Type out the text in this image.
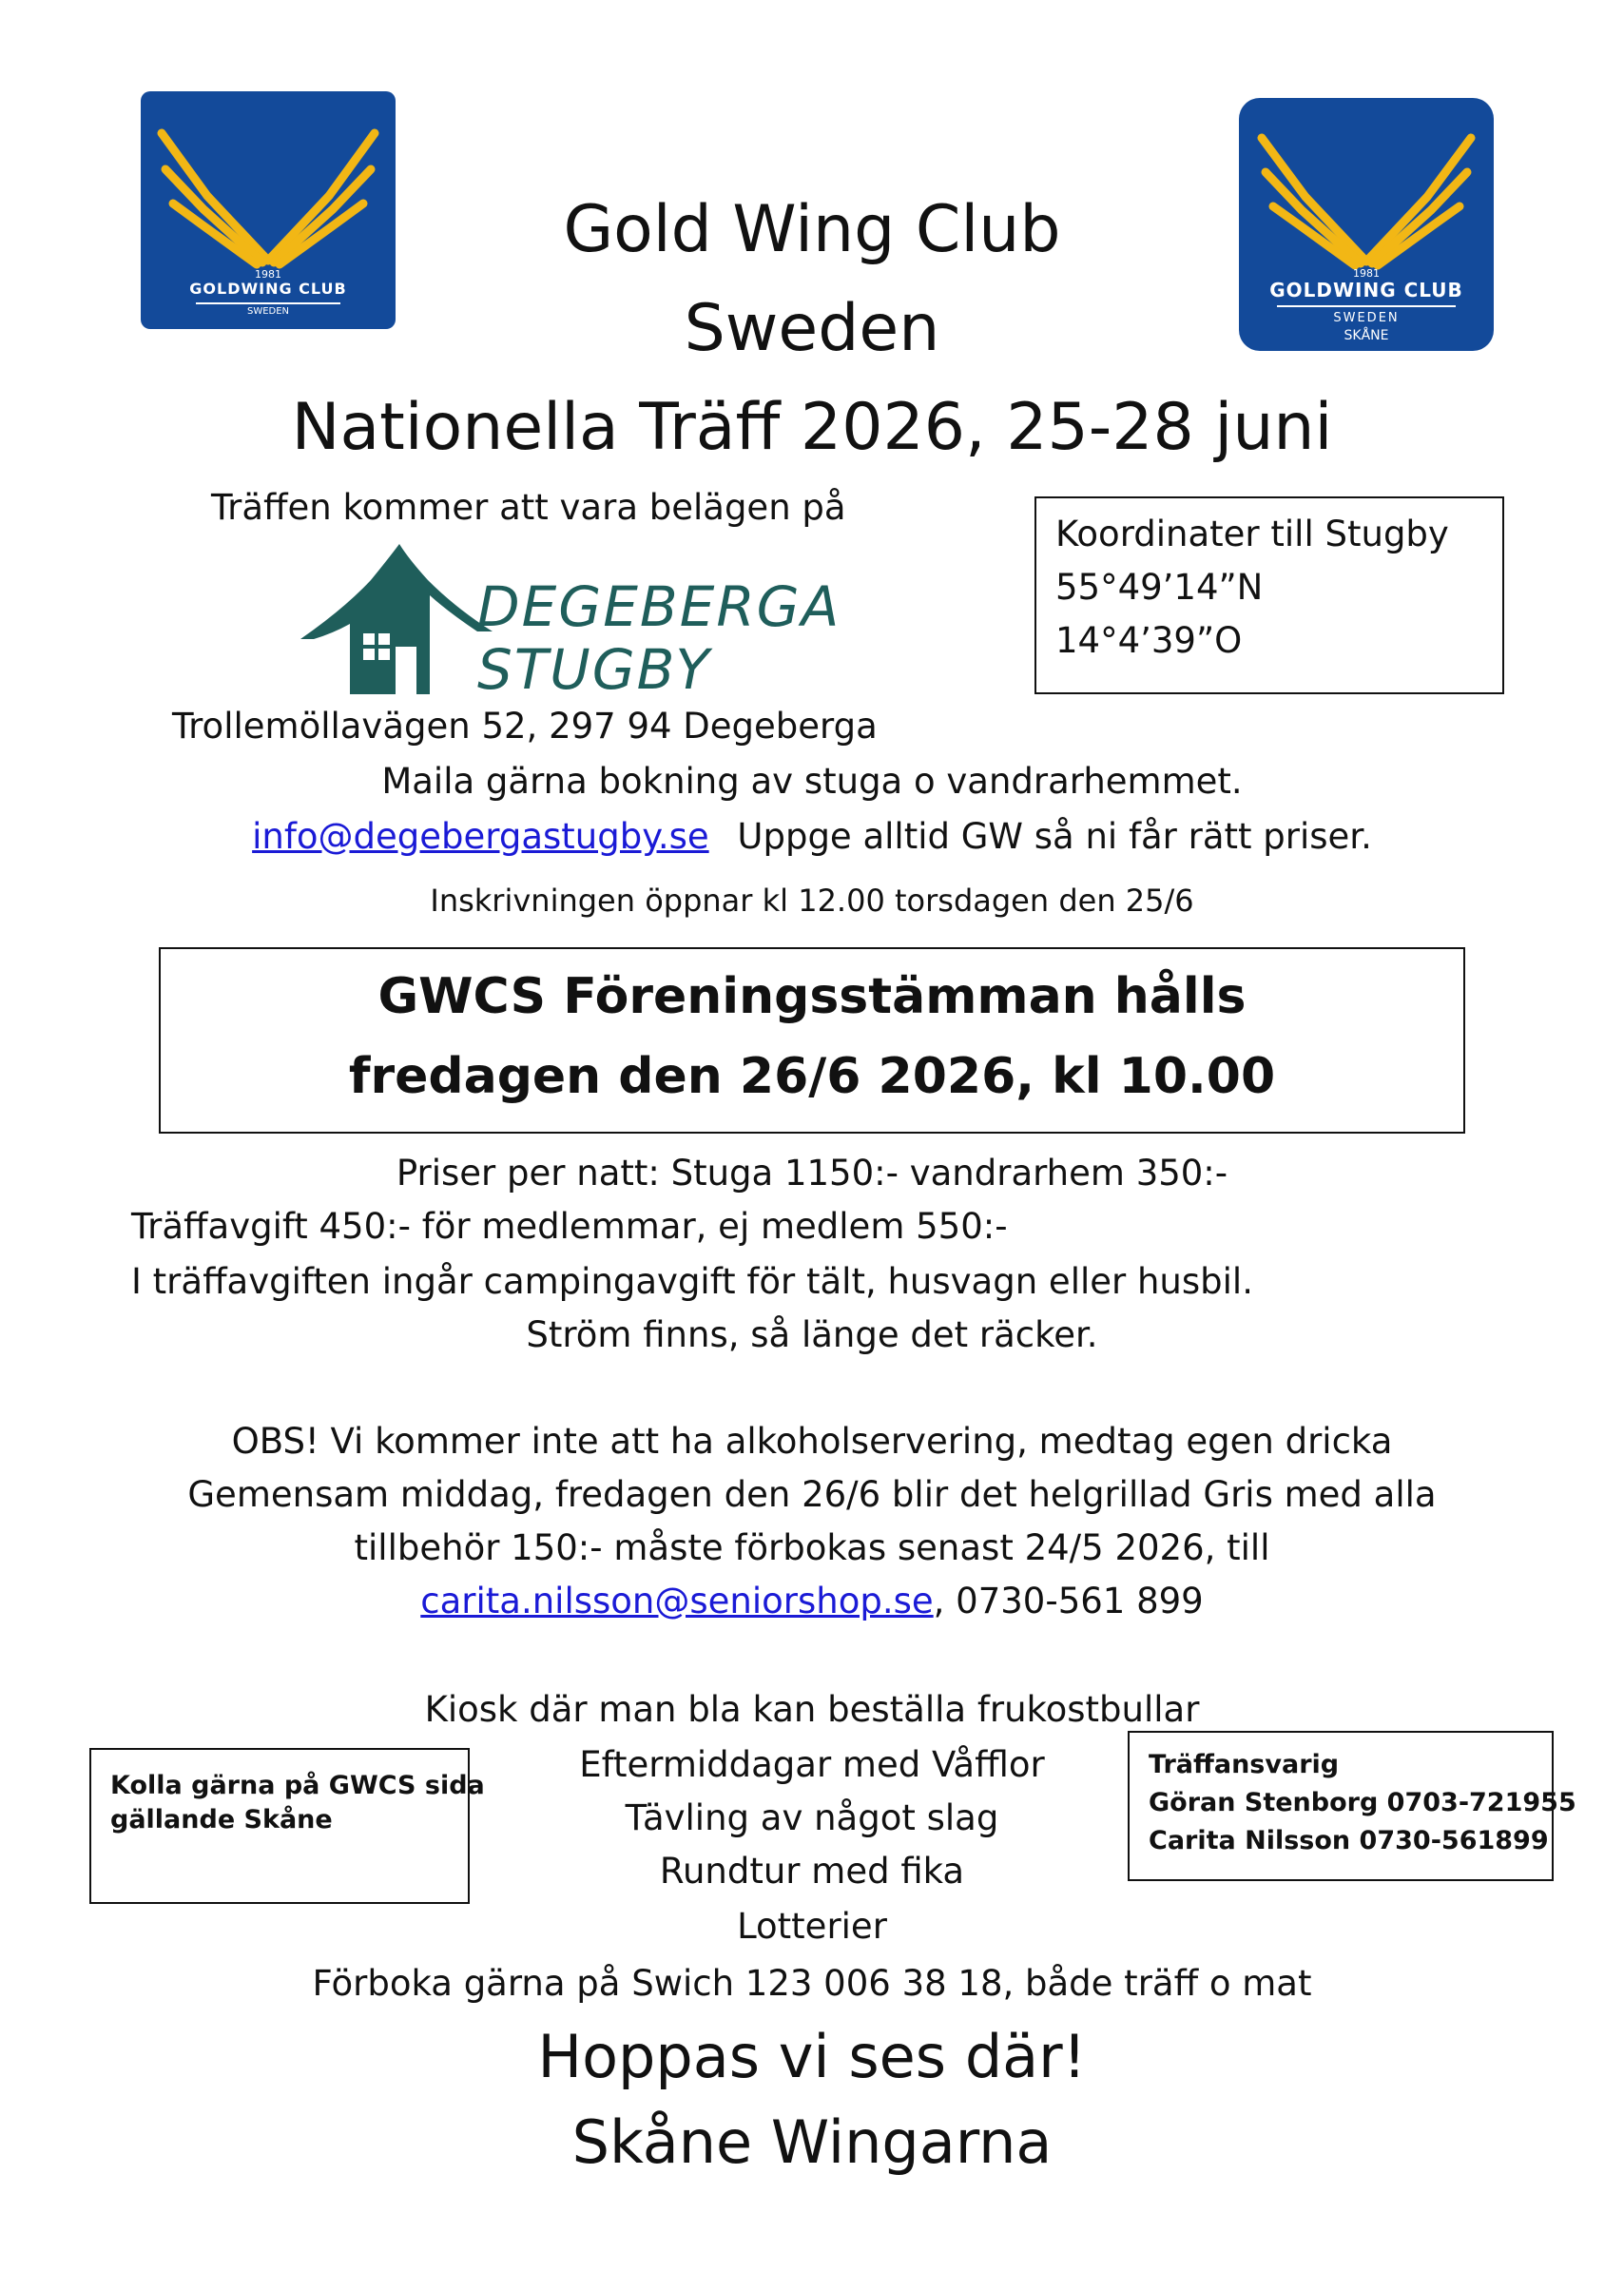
1981
GOLDWING CLUB
SWEDEN
1981
GOLDWING CLUB
SWEDEN
SKÅNE
Gold Wing Club
Sweden
Nationella Träff 2026, 25-28 juni
Träffen kommer att vara belägen på
Koordinater till Stugby
55°49’14”N
14°4’39”O
DEGEBERGA
STUGBY
Trollemöllavägen 52, 297 94 Degeberga
Maila gärna bokning av stuga o vandrarhemmet.
info@degebergastugby.se Uppge alltid GW så ni får rätt priser.
Inskrivningen öppnar kl 12.00 torsdagen den 25/6
GWCS Föreningsstämman hålls
fredagen den 26/6 2026, kl 10.00
Priser per natt: Stuga 1150:- vandrarhem 350:-
Träffavgift 450:- för medlemmar, ej medlem 550:-
I träffavgiften ingår campingavgift för tält, husvagn eller husbil.
Ström finns, så länge det räcker.
OBS! Vi kommer inte att ha alkoholservering, medtag egen dricka
Gemensam middag, fredagen den 26/6 blir det helgrillad Gris med alla
tillbehör 150:- måste förbokas senast 24/5 2026, till
carita.nilsson@seniorshop.se, 0730-561 899
Kiosk där man bla kan beställa frukostbullar
Eftermiddagar med Våfflor
Tävling av något slag
Rundtur med fika
Lotterier
Kolla gärna på GWCS sida
gällande Skåne
Träffansvarig
Göran Stenborg 0703-721955
Carita Nilsson 0730-561899
Förboka gärna på Swich 123 006 38 18, både träff o mat
Hoppas vi ses där!
Skåne Wingarna
